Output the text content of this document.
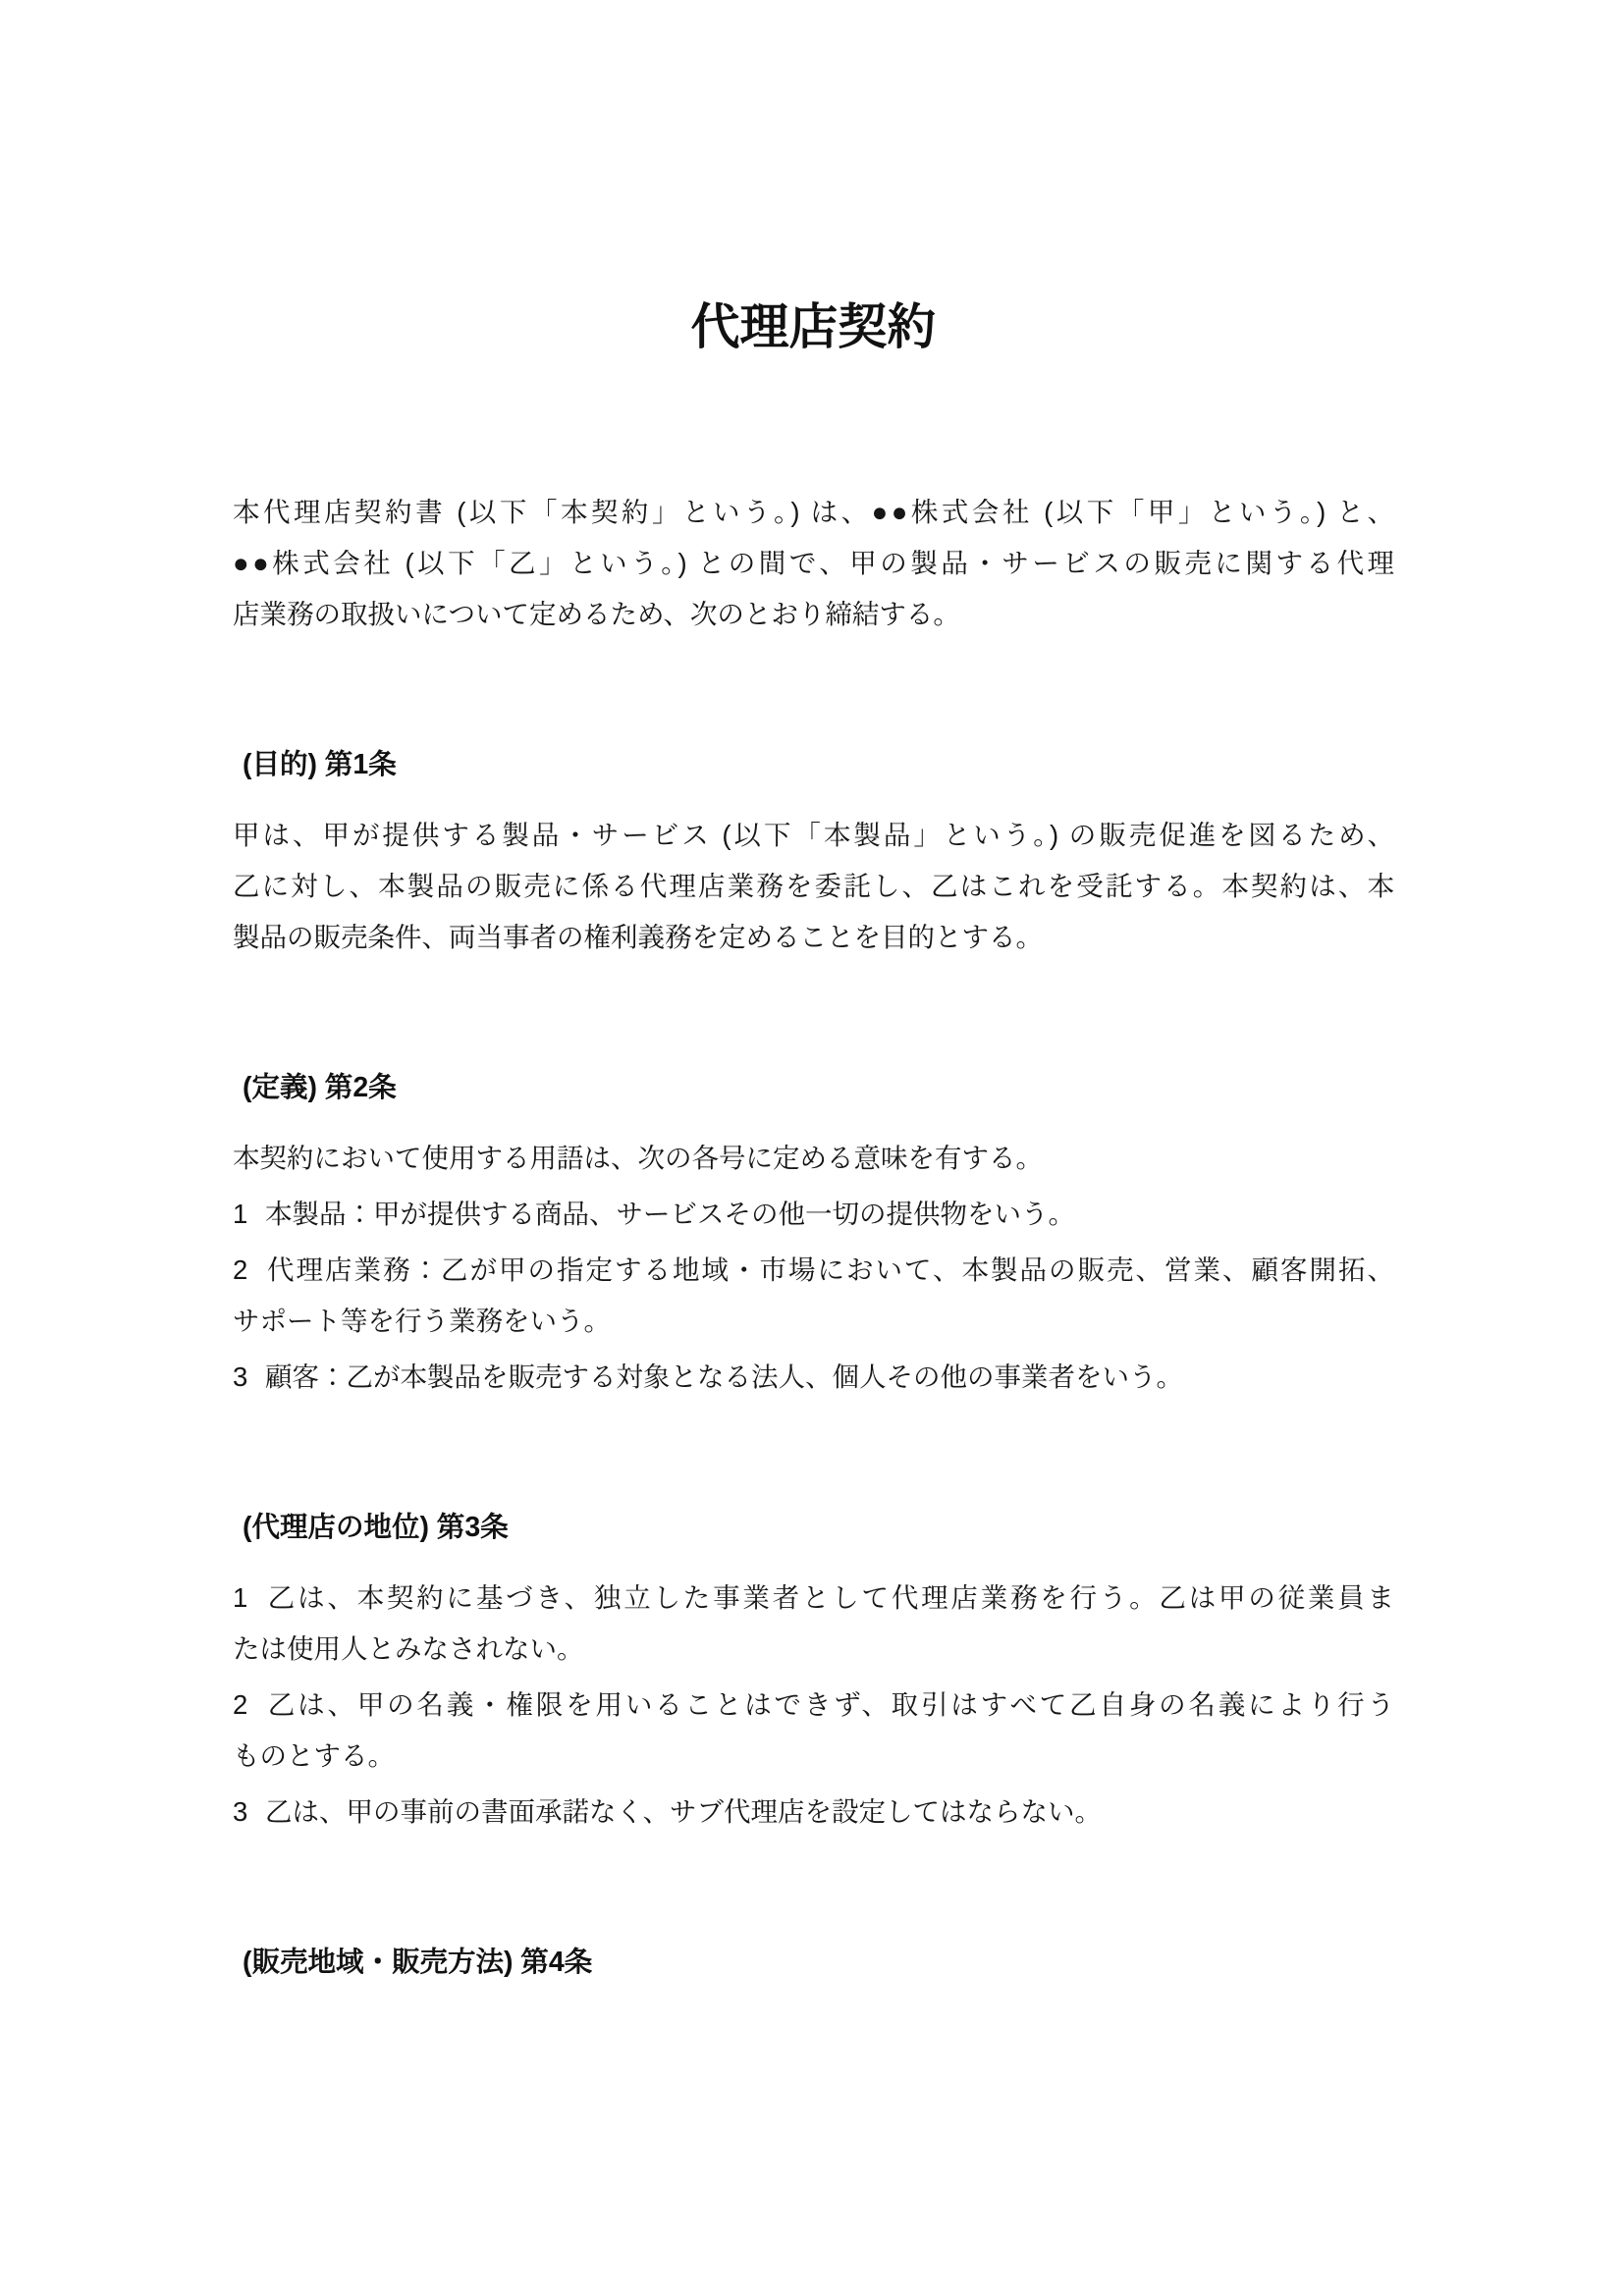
代理店契約

本代理店契約書 (以下「本契約」という。) は、●●株式会社 (以下「甲」という。) と、

●●株式会社 (以下「乙」という。) との間で、甲の製品・サービスの販売に関する代理

店業務の取扱いについて定めるため、次のとおり締結する。

(目的) 第1条

甲は、甲が提供する製品・サービス (以下「本製品」という。) の販売促進を図るため、

乙に対し、本製品の販売に係る代理店業務を委託し、乙はこれを受託する。本契約は、本

製品の販売条件、両当事者の権利義務を定めることを目的とする。

(定義) 第2条

本契約において使用する用語は、次の各号に定める意味を有する。

1 本製品：甲が提供する商品、サービスその他一切の提供物をいう。

2 代理店業務：乙が甲の指定する地域・市場において、本製品の販売、営業、顧客開拓、

サポート等を行う業務をいう。

3 顧客：乙が本製品を販売する対象となる法人、個人その他の事業者をいう。

(代理店の地位) 第3条

1 乙は、本契約に基づき、独立した事業者として代理店業務を行う。乙は甲の従業員ま

たは使用人とみなされない。

2 乙は、甲の名義・権限を用いることはできず、取引はすべて乙自身の名義により行う

ものとする。

3 乙は、甲の事前の書面承諾なく、サブ代理店を設定してはならない。

(販売地域・販売方法) 第4条
